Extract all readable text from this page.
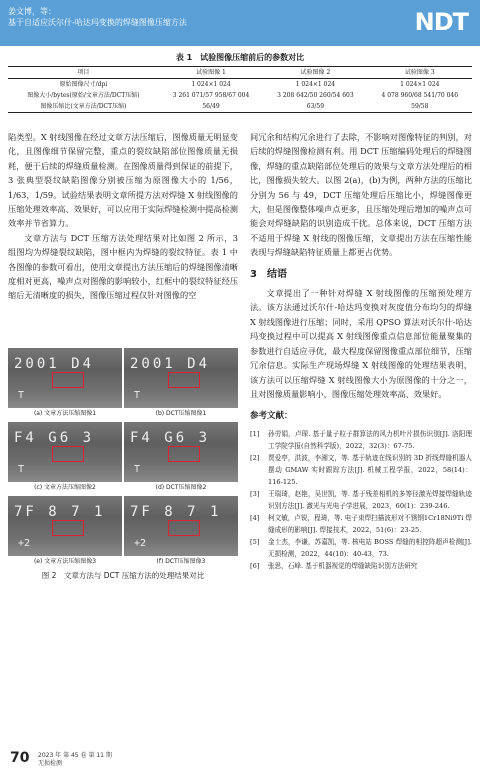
姜文博，等：
基于自适应沃尔什-哈达玛变换的焊缝图像压缩方法	NDT
表 1　试验图像压缩前后的参数对比
项目	试验图像 1	试验图像 2	试验图像 3
原始图像尺寸/dpi	1 024×1 024	1 024×1 024	1 024×1 024
图像大小/bytes(原始/文章方法/DCT压缩)	3 261 071/57 958/67 004	3 208 642/50 260/54 603	4 078 960/68 541/70 046
图像压缩比(文章方法/DCT压缩)	56/49	63/59	59/58

陷类型。X 射线图像在经过文章方法压缩后，图像质量无明显变化，且图像细节保留完整，重点的裂纹缺陷部位图像质量无损耗，便于后续的焊缝质量检测。在图像质量得到保证的前提下，3 张典型裂纹缺陷图像分别被压缩为原图像大小的 1/56，1/63，1/59。试验结果表明文章所提方法对焊缝 X 射线图像的压缩处理效率高、效果好，可以应用于实际焊缝检测中提高检测效率并节省算力。

文章方法与 DCT 压缩方法处理结果对比如图 2 所示，3 组图均为焊缝裂纹缺陷，图中框内为焊缝的裂纹特征。表 1 中各图像的参数可看出，使用文章提出方法压缩后的焊缝图像清晰度相对更高，噪声点对图像的影响较小，红框中的裂纹特征经压缩后无清晰度的损失，图像压缩过程仅针对图像的空

2001 D4
T
(a) 文章方法压缩图像1
2001 D4
T
(b) DCT压缩图像1
F4 G6 3
T
(c) 文章方法压缩图像2
F4 G6 3
T
(d) DCT压缩图像2
7F 8 7 1
+2
(e) 文章方法压缩图像3
7F 8 7 1
+2
(f) DCT压缩图像3
图 2　文章方法与 DCT 压缩方法的处理结果对比

间冗余和结构冗余进行了去除，不影响对图像特征的判别，对后续的焊缝图像检测有利。用 DCT 压缩编码处理后的焊缝图像，焊缝的重点缺陷部位处理后的效果与文章方法处理后的相比，图像损失较大。以图 2(a)，(b)为例，两种方法的压缩比分别为 56 与 49，DCT 压缩处理后压缩比小，焊缝图像更大，但是图像整体噪声点更多，且压缩处理后增加的噪声点可能会对焊缝缺陷的识别造成干扰。总体来说，DCT 压缩方法不适用于焊缝 X 射线的图像压缩，文章提出方法在压缩性能表现与焊缝缺陷特征质量上都更占优势。

3　结语

文章提出了一种针对焊缝 X 射线图像的压缩预处理方法。该方法通过沃尔什-哈达玛变换对灰度值分布均匀的焊缝 X 射线图像进行压缩；同时，采用 QPSO 算法对沃尔什-哈达玛变换过程中可以提高 X 射线图像重点信息部位能量聚集的参数进行自适应寻优，最大程度保留图像重点部位细节，压缩冗余信息。实际生产现场焊缝 X 射线图像的处理结果表明，该方法可以压缩焊缝 X 射线图像大小为原图像的十分之一，且对图像质量影响小，图像压缩处理效率高、效果好。

参考文献：
[1]	孙劳娟，卢琛. 基于量子粒子群算法的风力机叶片损伤识别[J]. 洛阳理工学院学报(自然科学版)，2022，32(3)：67-75.
[2]	贾爱亭，洪波，李湘文，等. 基于轨迹在线识别的 3D 折线焊缝机器人摆动 GMAW 实时跟踪方法[J]. 机械工程学报，2022，58(14)：116-125.
[3]	王瑞琦，赵艳，吴世凯，等. 基于残差相机的多等径激光焊接焊缝轨迹识别方法[J]. 激光与光电子学进展，2023，60(1)：239-246.
[4]	柯文敏，卢锐，程琦，等. 电子束焊扫描波形对不锈钢1Cr18Ni9Ti 焊缝成形的影响[J]. 焊接技术，2022，51(6)：23-25.
[5]	金士杰，李谦，苏嘉凯，等. 核电站 BOSS 焊缝的相控阵超声检测[J]. 无损检测，2022，44(10)：40-43，73.
[6]	张思，石峰. 基于机器视觉的焊缝缺陷识别方法研究
70 2023 年 第 45 卷 第 11 期
无损检测
